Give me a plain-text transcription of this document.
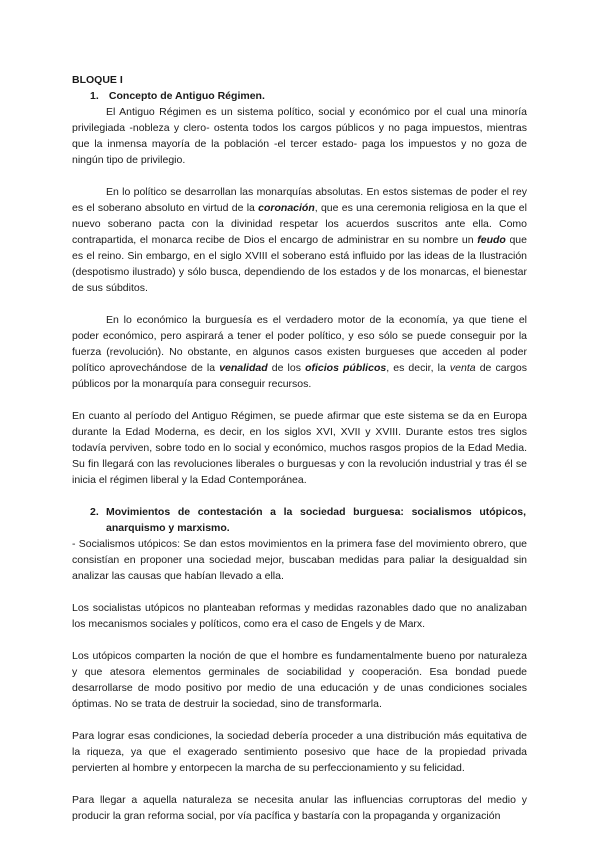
BLOQUE I

1. Concepto de Antiguo Régimen.

El Antiguo Régimen es un sistema político, social y económico por el cual una minoría privilegiada -nobleza y clero- ostenta todos los cargos públicos y no paga impuestos, mientras que la inmensa mayoría de la población -el tercer estado- paga los impuestos y no goza de ningún tipo de privilegio.

En lo político se desarrollan las monarquías absolutas. En estos sistemas de poder el rey es el soberano absoluto en virtud de la coronación, que es una ceremonia religiosa en la que el nuevo soberano pacta con la divinidad respetar los acuerdos suscritos ante ella. Como contrapartida, el monarca recibe de Dios el encargo de administrar en su nombre un feudo que es el reino. Sin embargo, en el siglo XVIII el soberano está influido por las ideas de la Ilustración (despotismo ilustrado) y sólo busca, dependiendo de los estados y de los monarcas, el bienestar de sus súbditos.

En lo económico la burguesía es el verdadero motor de la economía, ya que tiene el poder económico, pero aspirará a tener el poder político, y eso sólo se puede conseguir por la fuerza (revolución). No obstante, en algunos casos existen burgueses que acceden al poder político aprovechándose de la venalidad de los oficios públicos, es decir, la venta de cargos públicos por la monarquía para conseguir recursos.

En cuanto al período del Antiguo Régimen, se puede afirmar que este sistema se da en Europa durante la Edad Moderna, es decir, en los siglos XVI, XVII y XVIII. Durante estos tres siglos todavía perviven, sobre todo en lo social y económico, muchos rasgos propios de la Edad Media. Su fin llegará con las revoluciones liberales o burguesas y con la revolución industrial y tras él se inicia el régimen liberal y la Edad Contemporánea.

2. Movimientos de contestación a la sociedad burguesa: socialismos utópicos, anarquismo y marxismo.

- Socialismos utópicos: Se dan estos movimientos en la primera fase del movimiento obrero, que consistían en proponer una sociedad mejor, buscaban medidas para paliar la desigualdad sin analizar las causas que habían llevado a ella.

Los socialistas utópicos no planteaban reformas y medidas razonables dado que no analizaban los mecanismos sociales y políticos, como era el caso de Engels y de Marx.

Los utópicos comparten la noción de que el hombre es fundamentalmente bueno por naturaleza y que atesora elementos germinales de sociabilidad y cooperación. Esa bondad puede desarrollarse de modo positivo por medio de una educación y de unas condiciones sociales óptimas. No se trata de destruir la sociedad, sino de transformarla.

Para lograr esas condiciones, la sociedad debería proceder a una distribución más equitativa de la riqueza, ya que el exagerado sentimiento posesivo que hace de la propiedad privada pervierten al hombre y entorpecen la marcha de su perfeccionamiento y su felicidad.

Para llegar a aquella naturaleza se necesita anular las influencias corruptoras del medio y producir la gran reforma social, por vía pacífica y bastaría con la propaganda y organización
